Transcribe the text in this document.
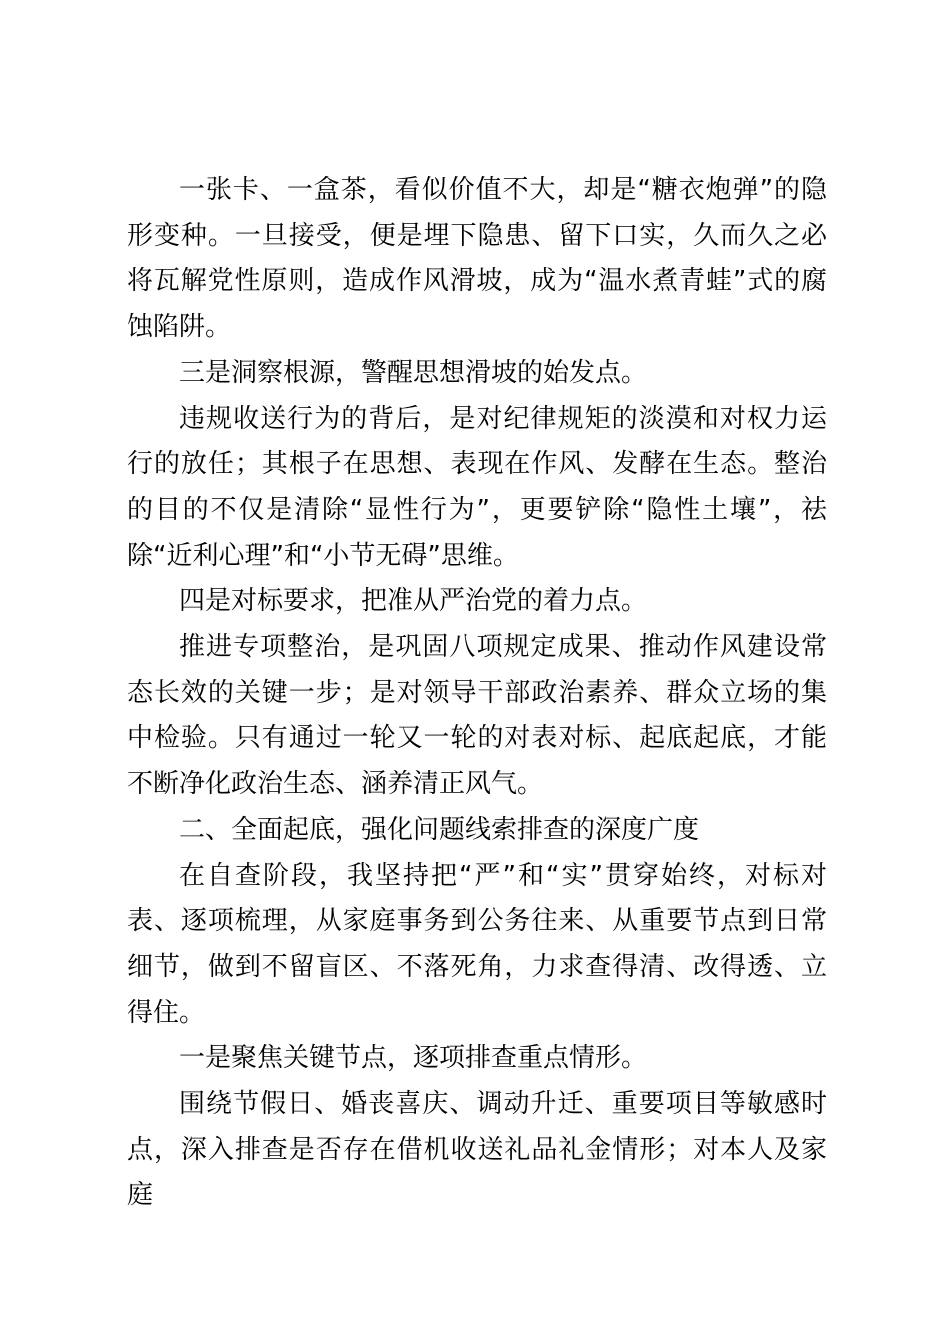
一张卡、一盒茶，看似价值不大，却是“糖衣炮弹”的隐形变种。一旦接受，便是埋下隐患、留下口实，久而久之必将瓦解党性原则，造成作风滑坡，成为“温水煮青蛙”式的腐蚀陷阱。

三是洞察根源，警醒思想滑坡的始发点。

违规收送行为的背后，是对纪律规矩的淡漠和对权力运行的放任；其根子在思想、表现在作风、发酵在生态。整治的目的不仅是清除“显性行为”，更要铲除“隐性土壤”，祛除“近利心理”和“小节无碍”思维。

四是对标要求，把准从严治党的着力点。

推进专项整治，是巩固八项规定成果、推动作风建设常态长效的关键一步；是对领导干部政治素养、群众立场的集中检验。只有通过一轮又一轮的对表对标、起底起底，才能不断净化政治生态、涵养清正风气。

二、全面起底，强化问题线索排查的深度广度

在自查阶段，我坚持把“严”和“实”贯穿始终，对标对表、逐项梳理，从家庭事务到公务往来、从重要节点到日常细节，做到不留盲区、不落死角，力求查得清、改得透、立得住。

一是聚焦关键节点，逐项排查重点情形。

围绕节假日、婚丧喜庆、调动升迁、重要项目等敏感时点，深入排查是否存在借机收送礼品礼金情形；对本人及家庭
